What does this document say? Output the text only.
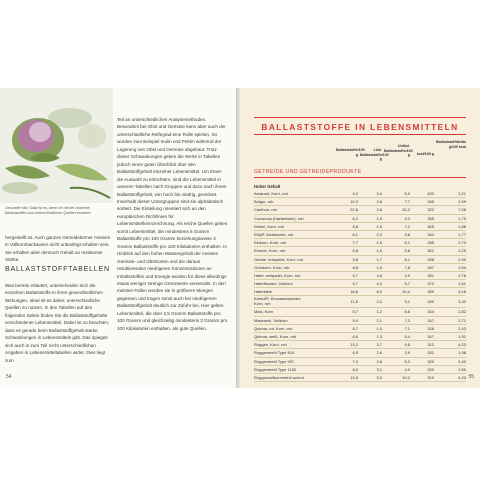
Gesunder Mix: Salat ist es, wenn ihr mit der Auberine Ballaststoffen aus unterschiedlichen Quellen ersetzen.
hergestellt ist. Auch ganzes Getreidekörner müssen in Vollkornbackwaren nicht unbedingt erhalten sein. Sie erhalten aber dennoch Gehalt an resistenter Stärke.
BALLASTSTOFFTABELLEN
Was bereits erläutert, unterscheiden sich die einzelnen Ballaststoffe in ihren gesundheitlichen Wirkungen. Ideal ist es daher, unterschiedliche Quellen zu nutzen. In den Tabellen auf den folgenden Seiten finden Sie die Ballaststoffgehalte verschiedener Lebensmittel. Dabei ist zu beachten, dass es gerade beim Ballaststoffgehalt starke Schwankungen in Lebensmitteln gibt. Das spiegelt sich auch in zum Teil recht unterschiedlichen Angaben in Lebensmitteltabellen wider. Dies liegt zum
Teil an unterschiedlichen Analysemethoden. Besonders bei Obst und Gemüse kann aber auch der unterschiedliche Reifegrad eine Rolle spielen. So wurden zum Beispiel Inulin und Pektin während der Lagerung von Obst und Gemüse abgebaut. Trotz dieser Schwankungen geben die Werte in Tabellen jedoch einen guten Überblick über den Ballaststoffgehalt einzelner Lebensmittel. Um Ihnen die Auswahl zu erleichtern, sind die Lebensmittel in unseren Tabellen nach Gruppen und dazu nach ihrem Ballaststoffgehalt, von hoch bis niedrig, geordnet. Innerhalb dieser Untergruppen sind sie alphabetisch sortiert. Die Einteilung orientiert sich an den europäischen Richtlinien für Lebensmittelkennzeichnung. Als reiche Quellen gelten somit Lebensmittel, die mindestens 6 Gramm Ballaststoffe pro 100 Gramm beziehungsweise 3 Gramm Ballaststoffe pro 100 Kilokalorien enthalten. In Hinblick auf den hohen Wassergehalt der meisten Gemüse- und Obstsorten und die daraus resultierenden niedrigeren Konzentrationen an Inhaltsstoffen und Energie wurden für diese allerdings etwas weniger strenge Grenzwerte verwendet. In den meisten Fällen werden sie in größeren Mengen gegessen und tragen somit auch bei niedrigerem Ballaststoffgehalt deutlich zur Zufuhr bei. Hier gelten Lebensmittel, die über 2,5 Gramm Ballaststoffe pro 100 Gramm und gleichzeitig mindestens 3 Gramm pro 100 Kilokalorien enthalten, als gute Quellen.
54
BALLASTSTOFFE IN LEBENSMITTELN
Ballaststoffe/100 g
Lösl. Ballaststoffe/100 g
Unlösl. Ballaststoffe/100 g	kcal/100 g
Ballaststoffdichte g/100 kcal
GETREIDE UND GETREIDEPRODUKTE
Hoher Gehalt
Amarant, Korn, roh	9,2	2,4	5,9	403	2,21
Bulgur, roh	10,3	2,6	7,7	345	2,99
Canihua, roh	22,8	2,6	20,2	322	7,08
Couscous (Hartweizen), roh	6,2	1,9	4,3	355	1,75
Dinkel, Korn, roh	8,8	1,5	7,2	305	2,88
Ebly® Zartweizen, roh	6,1	2,3	3,8	344	1,77
Einkorn, Korn, roh	7,7	1,5	6,1	285	2,70
Emmer, Korn, roh	6,8	1,0	5,8	302	2,25
Gerste, entspelzt, Korn, roh	9,8	1,7	8,1	338	2,90
Grünkern, Korn, roh	8,8	1,0	7,8	347	2,54
Hafer, entspelzt, Korn, roh	9,7	4,8	4,9	351	2,76
Haferflocken, Vollkorn	9,7	4,0	5,7	372	2,61
Haferkleie	18,6	8,2	10,4	359	5,18
Kamut®, Khorasanweizen, Korn, roh	11,5	2,2	9,1	339	3,33
Mais, Korn	9,7	1,2	8,6	344	2,82
Maismehl, Vollkorn	9,4	2,1	7,3	347	2,71
Quinoa, rot, Korn, roh	8,7	1,0	7,1	328	2,43
Quinoa, weiß, Korn, roh	6,6	1,3	5,4	347	1,91
Roggen, Korn, roh	13,2	3,7	9,5	312	4,23
Roggenmehl Type 815	6,5	2,6	3,9	332	1,96
Roggenmehl Type 997	7,9	2,6	5,3	329	2,40
Roggenmehl Type 1150	8,0	3,1	4,9	320	2,50
Roggenvollkornmehl/-schrot	13,5	3,3	10,2	319	4,23 55
